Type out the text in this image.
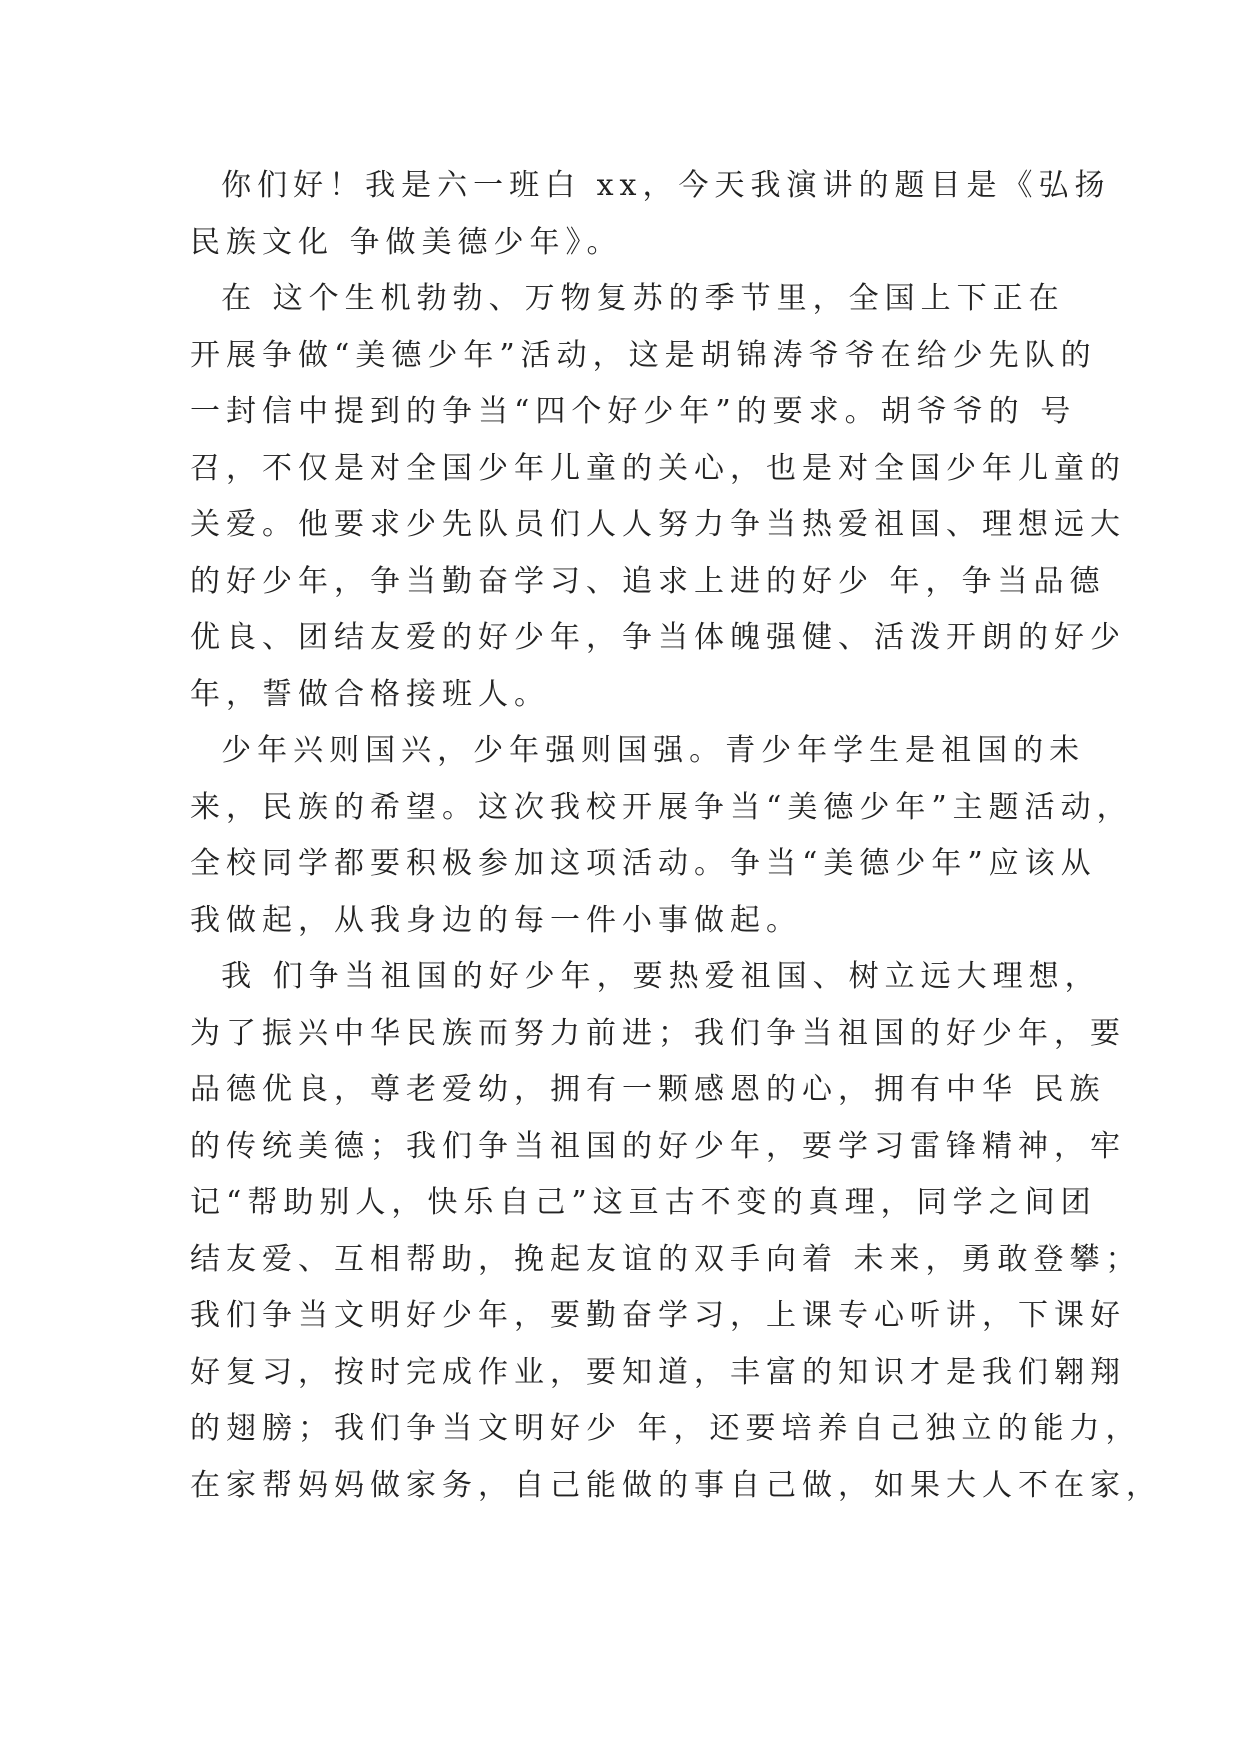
你们好！我是六一班白 xx，今天我演讲的题目是《弘扬
民族文化 争做美德少年》。
在 这个生机勃勃、万物复苏的季节里，全国上下正在
开展争做“美德少年”活动，这是胡锦涛爷爷在给少先队的
一封信中提到的争当“四个好少年”的要求。胡爷爷的 号
召，不仅是对全国少年儿童的关心，也是对全国少年儿童的
关爱。他要求少先队员们人人努力争当热爱祖国、理想远大
的好少年，争当勤奋学习、追求上进的好少 年，争当品德
优良、团结友爱的好少年，争当体魄强健、活泼开朗的好少
年，誓做合格接班人。
少年兴则国兴，少年强则国强。青少年学生是祖国的未
来，民族的希望。这次我校开展争当“美德少年”主题活动，
全校同学都要积极参加这项活动。争当“美德少年”应该从
我做起，从我身边的每一件小事做起。
我 们争当祖国的好少年，要热爱祖国、树立远大理想，
为了振兴中华民族而努力前进；我们争当祖国的好少年，要
品德优良，尊老爱幼，拥有一颗感恩的心，拥有中华 民族
的传统美德；我们争当祖国的好少年，要学习雷锋精神，牢
记“帮助别人，快乐自己”这亘古不变的真理，同学之间团
结友爱、互相帮助，挽起友谊的双手向着 未来，勇敢登攀；
我们争当文明好少年，要勤奋学习，上课专心听讲，下课好
好复习，按时完成作业，要知道，丰富的知识才是我们翱翔
的翅膀；我们争当文明好少 年，还要培养自己独立的能力，
在家帮妈妈做家务，自己能做的事自己做，如果大人不在家，
